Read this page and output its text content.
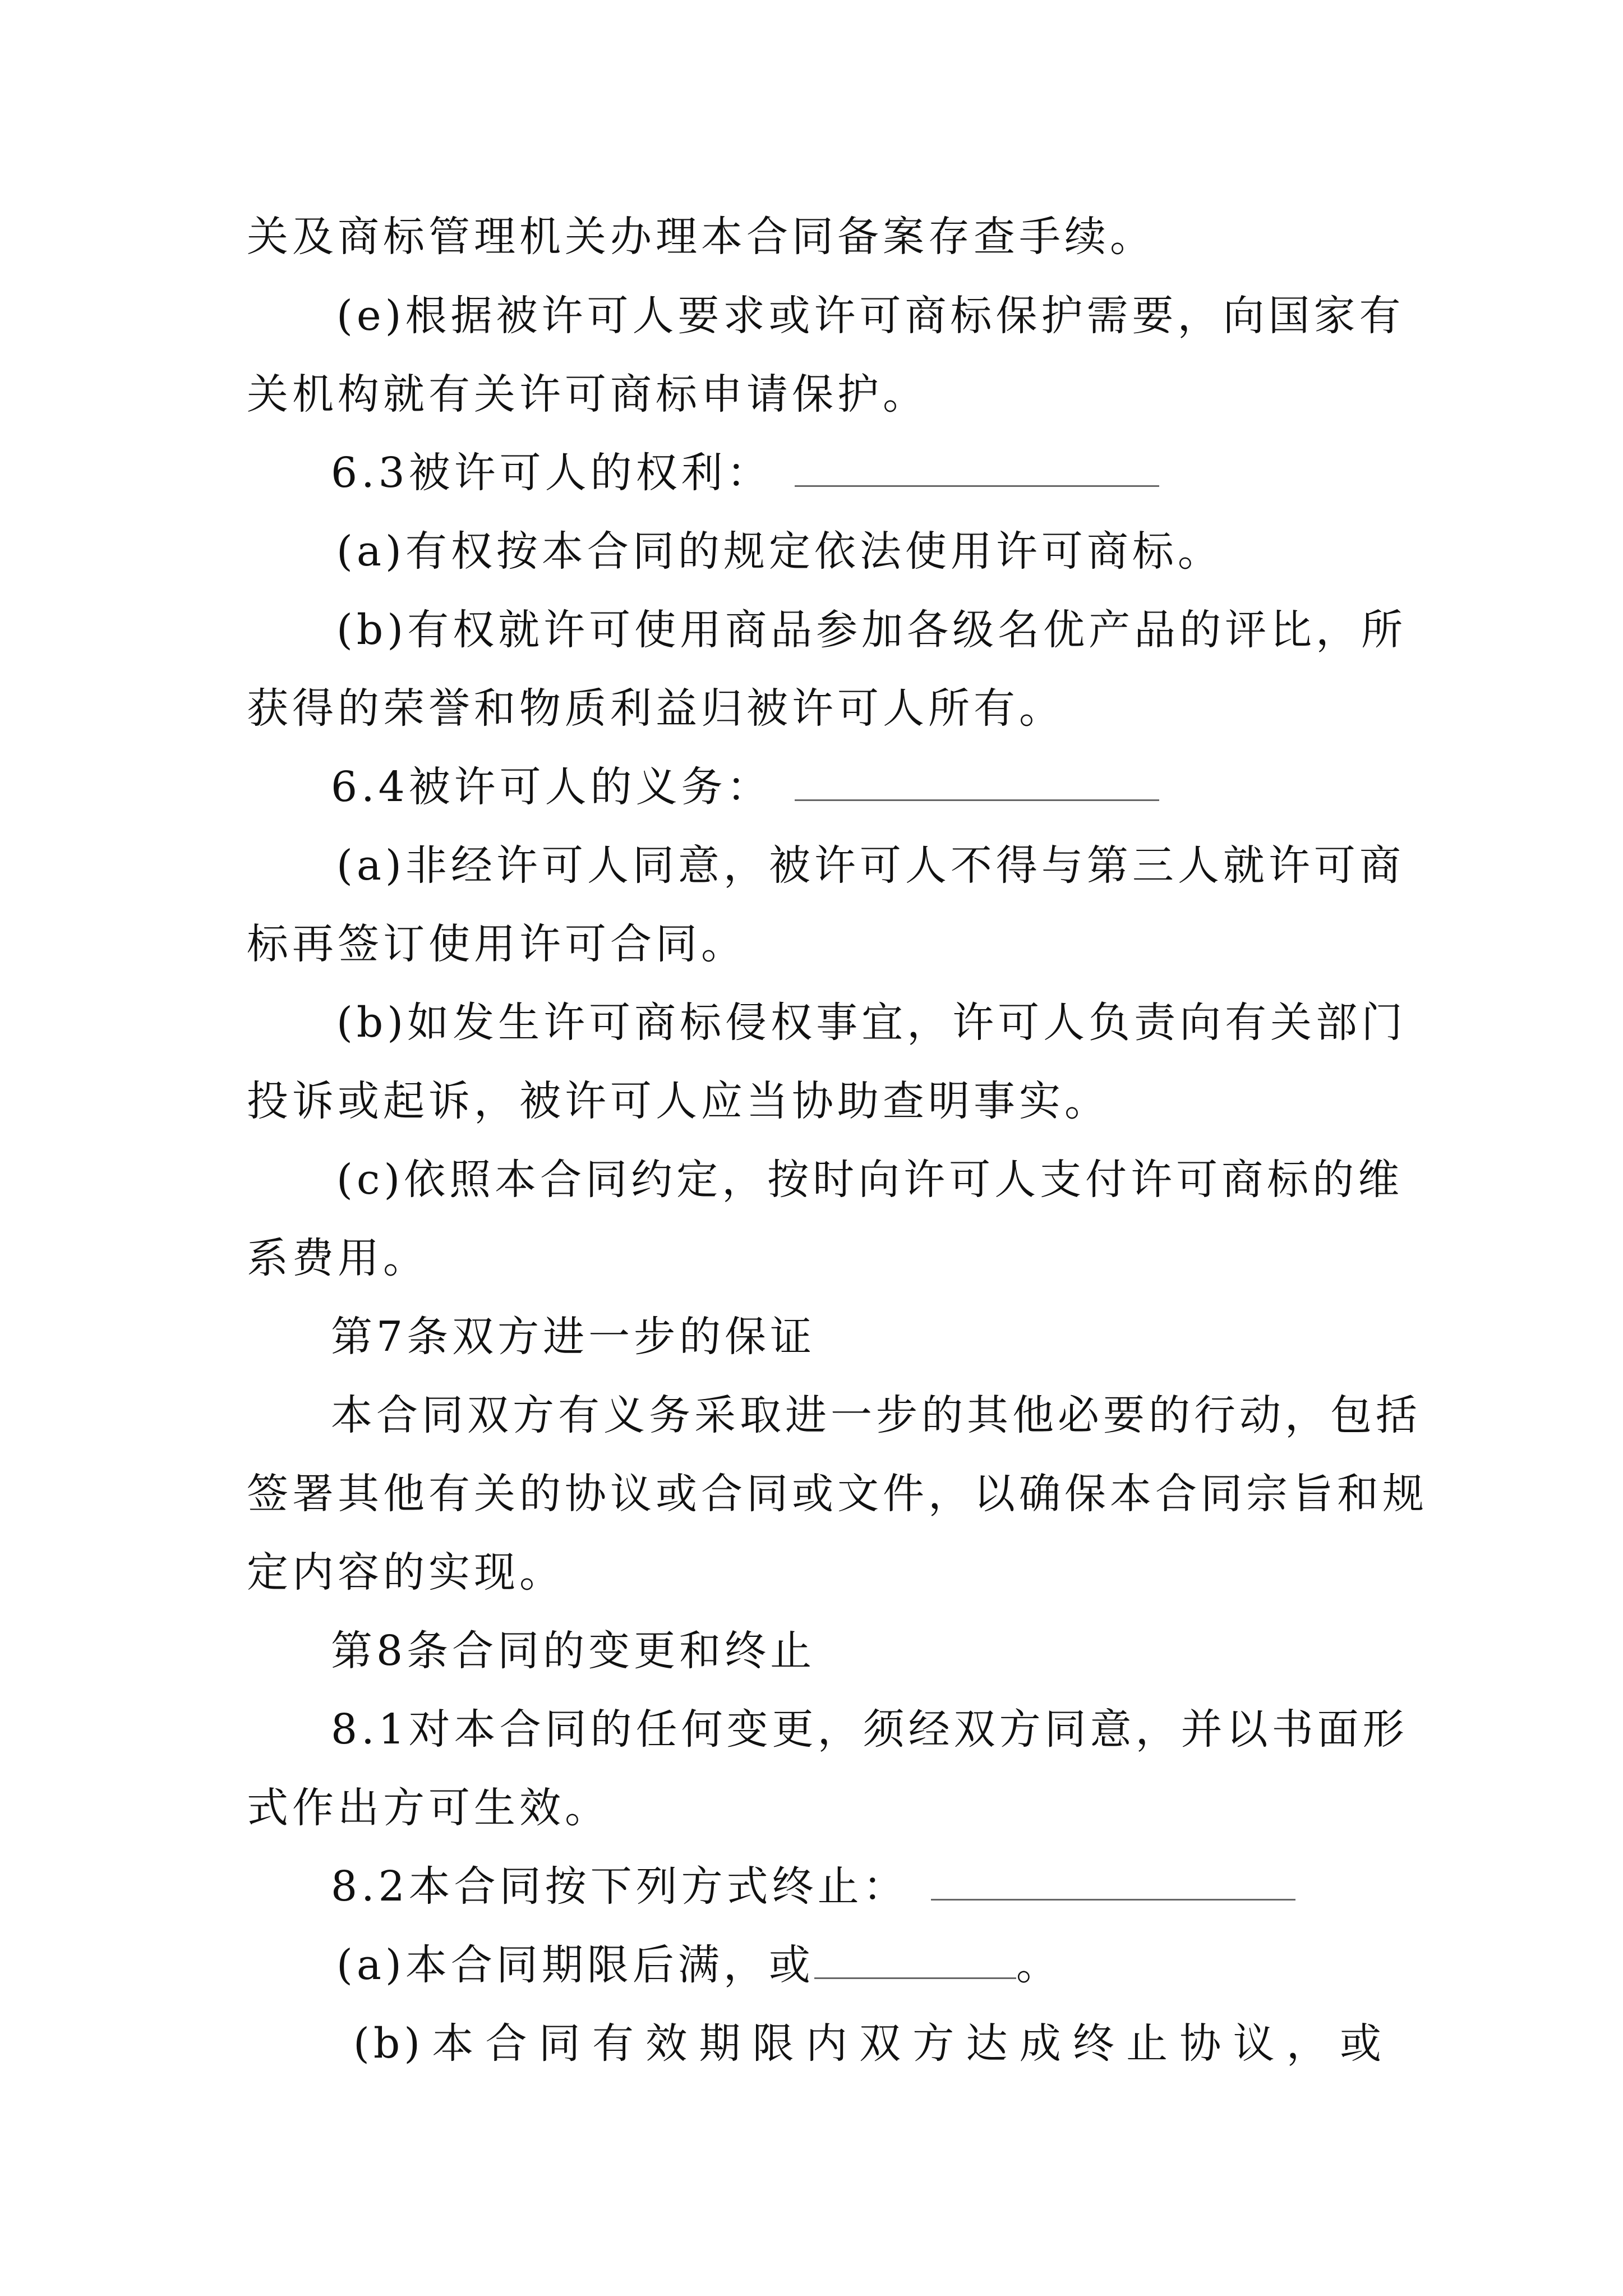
关及商标管理机关办理本合同备案存查手续。
(e)根据被许可人要求或许可商标保护需要，向国家有
关机构就有关许可商标申请保护。
6.3被许可人的权利：
(a)有权按本合同的规定依法使用许可商标。
(b)有权就许可使用商品参加各级名优产品的评比，所
获得的荣誉和物质利益归被许可人所有。
6.4被许可人的义务：
(a)非经许可人同意，被许可人不得与第三人就许可商
标再签订使用许可合同。
(b)如发生许可商标侵权事宜，许可人负责向有关部门
投诉或起诉，被许可人应当协助查明事实。
(c)依照本合同约定，按时向许可人支付许可商标的维
系费用。
第7条双方进一步的保证
本合同双方有义务采取进一步的其他必要的行动，包括
签署其他有关的协议或合同或文件，以确保本合同宗旨和规
定内容的实现。
第8条合同的变更和终止
8.1对本合同的任何变更，须经双方同意，并以书面形
式作出方可生效。
8.2本合同按下列方式终止：
(a)本合同期限后满，或	。
(b)本合同有效期限内双方达成终止协议，或
